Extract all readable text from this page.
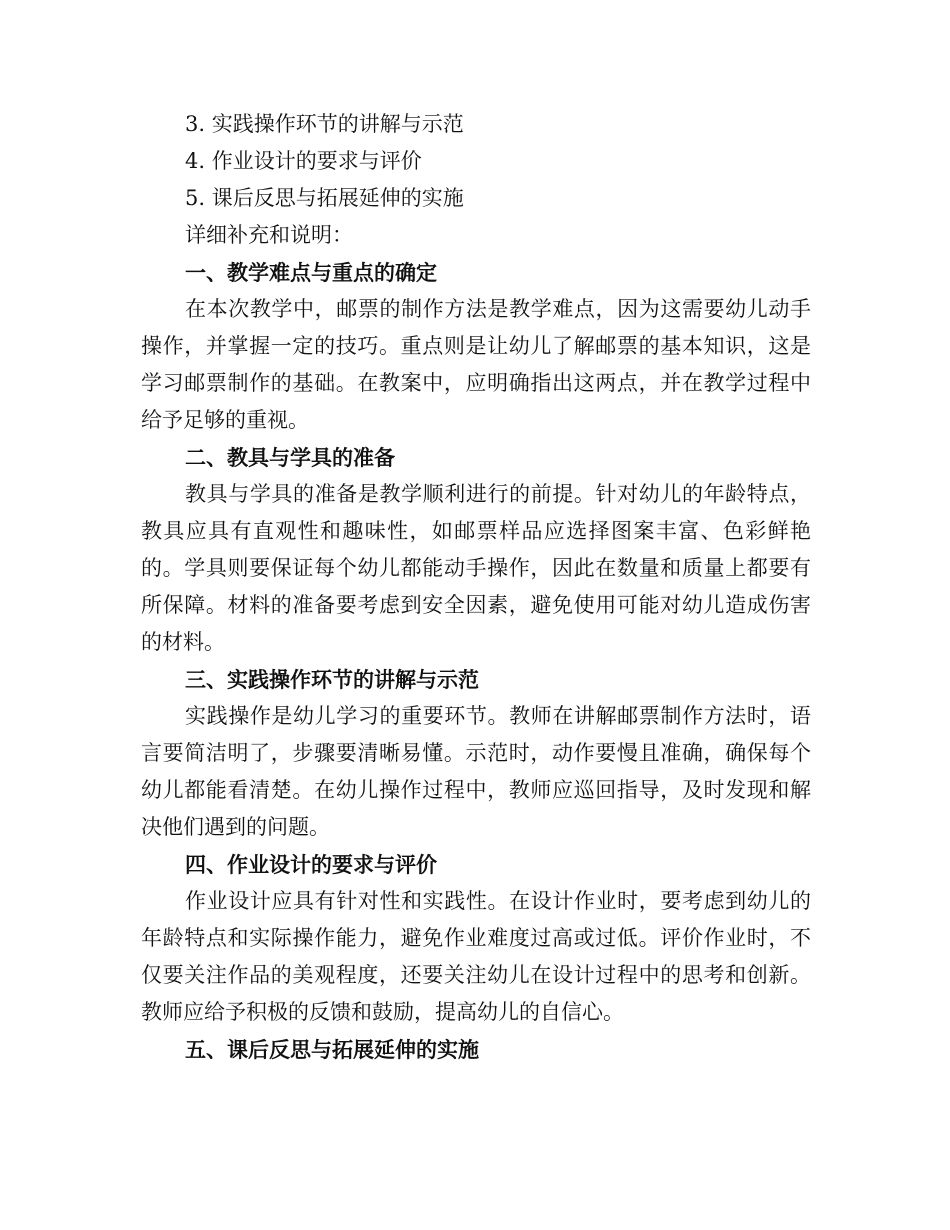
3. 实践操作环节的讲解与示范

4. 作业设计的要求与评价

5. 课后反思与拓展延伸的实施

详细补充和说明：

一、教学难点与重点的确定

在本次教学中，邮票的制作方法是教学难点，因为这需要幼儿动手操作，并掌握一定的技巧。重点则是让幼儿了解邮票的基本知识，这是学习邮票制作的基础。在教案中，应明确指出这两点，并在教学过程中给予足够的重视。

二、教具与学具的准备

教具与学具的准备是教学顺利进行的前提。针对幼儿的年龄特点，教具应具有直观性和趣味性，如邮票样品应选择图案丰富、色彩鲜艳的。学具则要保证每个幼儿都能动手操作，因此在数量和质量上都要有所保障。材料的准备要考虑到安全因素，避免使用可能对幼儿造成伤害的材料。

三、实践操作环节的讲解与示范

实践操作是幼儿学习的重要环节。教师在讲解邮票制作方法时，语言要简洁明了，步骤要清晰易懂。示范时，动作要慢且准确，确保每个幼儿都能看清楚。在幼儿操作过程中，教师应巡回指导，及时发现和解决他们遇到的问题。

四、作业设计的要求与评价

作业设计应具有针对性和实践性。在设计作业时，要考虑到幼儿的年龄特点和实际操作能力，避免作业难度过高或过低。评价作业时，不仅要关注作品的美观程度，还要关注幼儿在设计过程中的思考和创新。教师应给予积极的反馈和鼓励，提高幼儿的自信心。

五、课后反思与拓展延伸的实施
